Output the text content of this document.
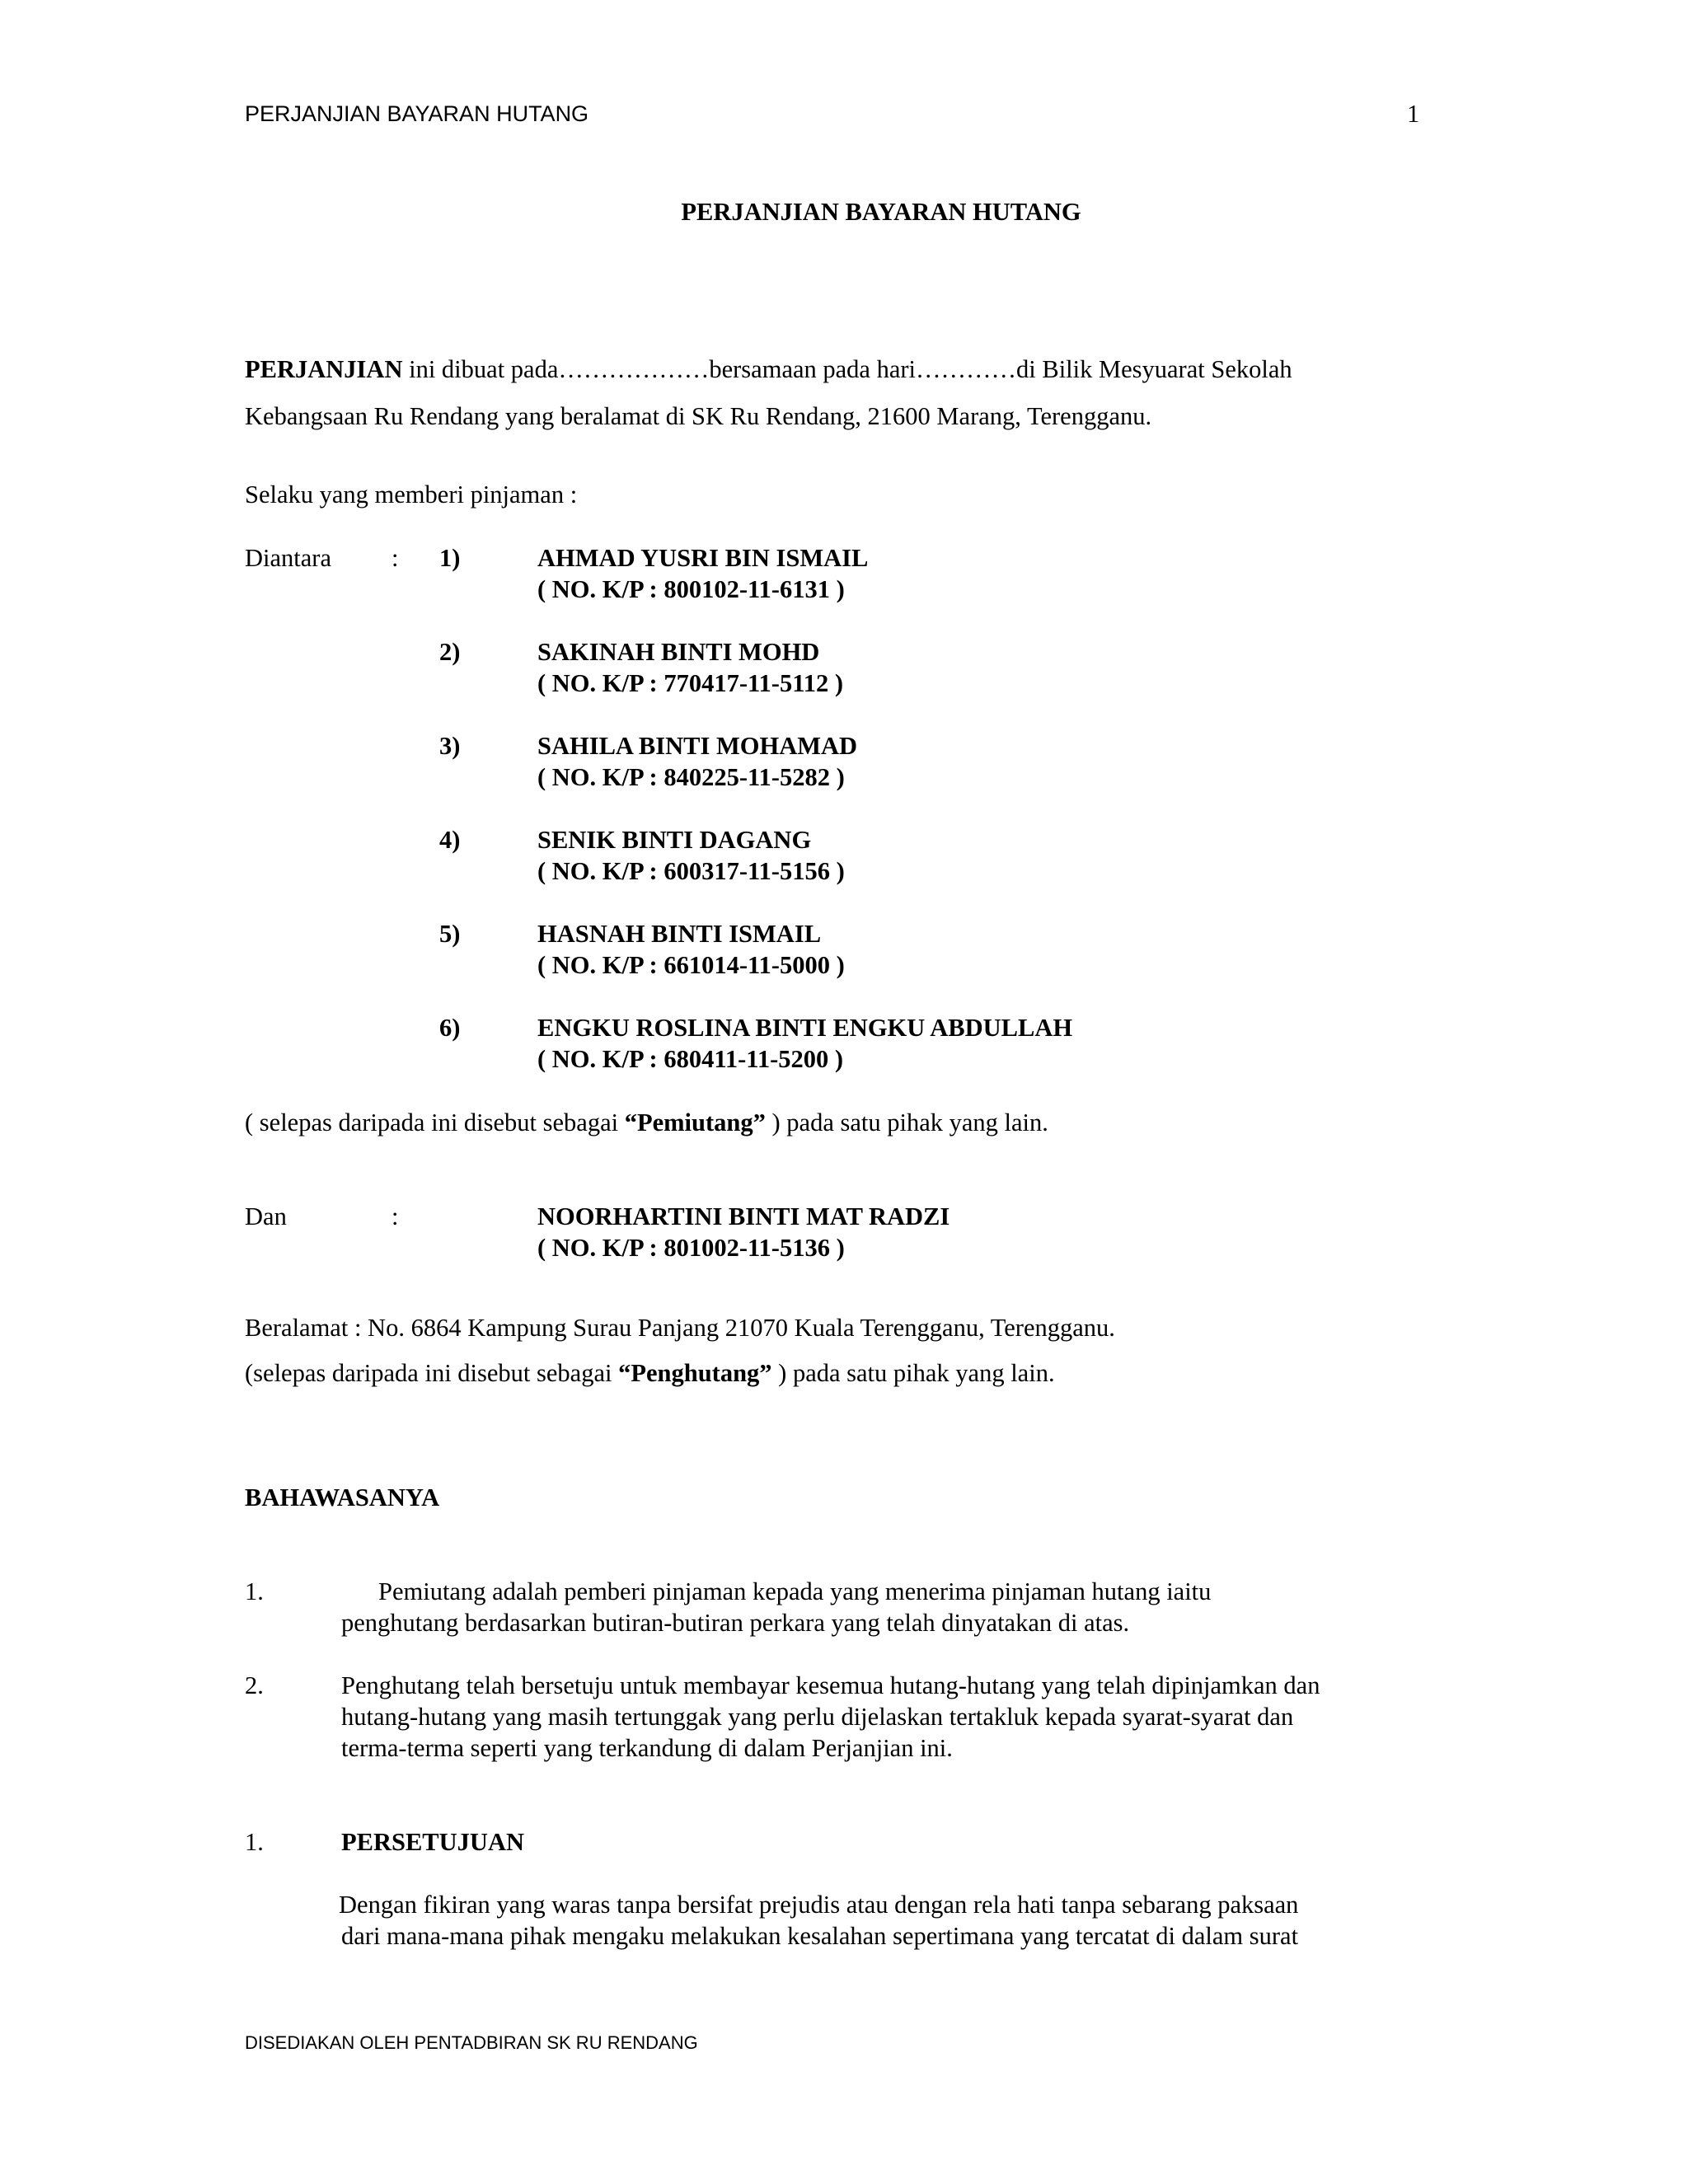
PERJANJIAN BAYARAN HUTANG	1
PERJANJIAN BAYARAN HUTANG
PERJANJIAN ini dibuat pada………………bersamaan pada hari…………di Bilik Mesyuarat Sekolah
Kebangsaan Ru Rendang yang beralamat di SK Ru Rendang, 21600 Marang, Terengganu.
Selaku yang memberi pinjaman :
Diantara : 1)	AHMAD YUSRI BIN ISMAIL
( NO. K/P : 800102-11-6131 )
2)	SAKINAH BINTI MOHD
( NO. K/P : 770417-11-5112 )
3)	SAHILA BINTI MOHAMAD
( NO. K/P : 840225-11-5282 )
4)	SENIK BINTI DAGANG
( NO. K/P : 600317-11-5156 )
5)	HASNAH BINTI ISMAIL
( NO. K/P : 661014-11-5000 )
6)	ENGKU ROSLINA BINTI ENGKU ABDULLAH
( NO. K/P : 680411-11-5200 )
( selepas daripada ini disebut sebagai “Pemiutang” ) pada satu pihak yang lain.
Dan	:	NOORHARTINI BINTI MAT RADZI
( NO. K/P : 801002-11-5136 )
Beralamat : No. 6864 Kampung Surau Panjang 21070 Kuala Terengganu, Terengganu.
(selepas daripada ini disebut sebagai “Penghutang” ) pada satu pihak yang lain.
BAHAWASANYA
1.	Pemiutang adalah pemberi pinjaman kepada yang menerima pinjaman hutang iaitu
penghutang berdasarkan butiran-butiran perkara yang telah dinyatakan di atas.
2.	Penghutang telah bersetuju untuk membayar kesemua hutang-hutang yang telah dipinjamkan dan
hutang-hutang yang masih tertunggak yang perlu dijelaskan tertakluk kepada syarat-syarat dan
terma-terma seperti yang terkandung di dalam Perjanjian ini.
1.	PERSETUJUAN
Dengan fikiran yang waras tanpa bersifat prejudis atau dengan rela hati tanpa sebarang paksaan
dari mana-mana pihak mengaku melakukan kesalahan sepertimana yang tercatat di dalam surat
DISEDIAKAN OLEH PENTADBIRAN SK RU RENDANG
